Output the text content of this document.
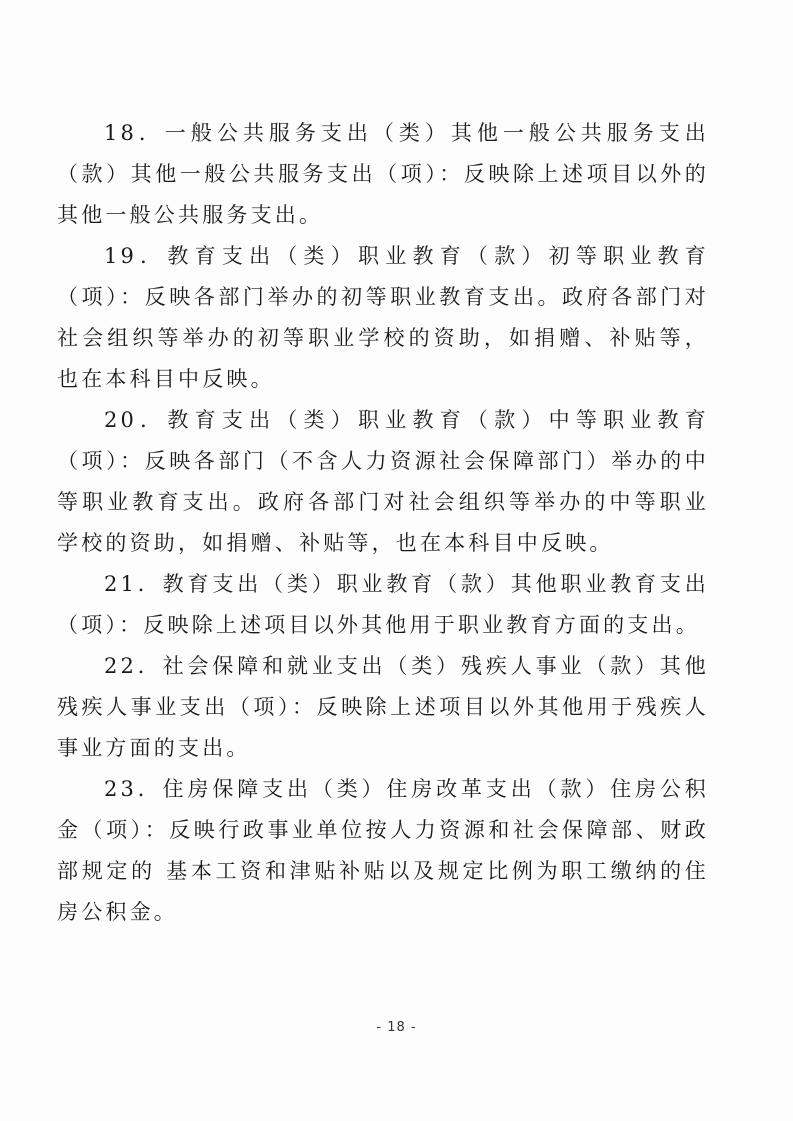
18．一般公共服务支出（类）其他一般公共服务支出（款）其他一般公共服务支出（项）：反映除上述项目以外的其他一般公共服务支出。

19．教育支出（类）职业教育（款）初等职业教育（项）：反映各部门举办的初等职业教育支出。政府各部门对社会组织等举办的初等职业学校的资助，如捐赠、补贴等，也在本科目中反映。

20．教育支出（类）职业教育（款）中等职业教育（项）：反映各部门（不含人力资源社会保障部门）举办的中等职业教育支出。政府各部门对社会组织等举办的中等职业学校的资助，如捐赠、补贴等，也在本科目中反映。

21．教育支出（类）职业教育（款）其他职业教育支出（项）：反映除上述项目以外其他用于职业教育方面的支出。

22．社会保障和就业支出（类）残疾人事业（款）其他残疾人事业支出（项）：反映除上述项目以外其他用于残疾人事业方面的支出。

23．住房保障支出（类）住房改革支出（款）住房公积金（项）：反映行政事业单位按人力资源和社会保障部、财政部规定的 基本工资和津贴补贴以及规定比例为职工缴纳的住房公积金。

- 18 -
